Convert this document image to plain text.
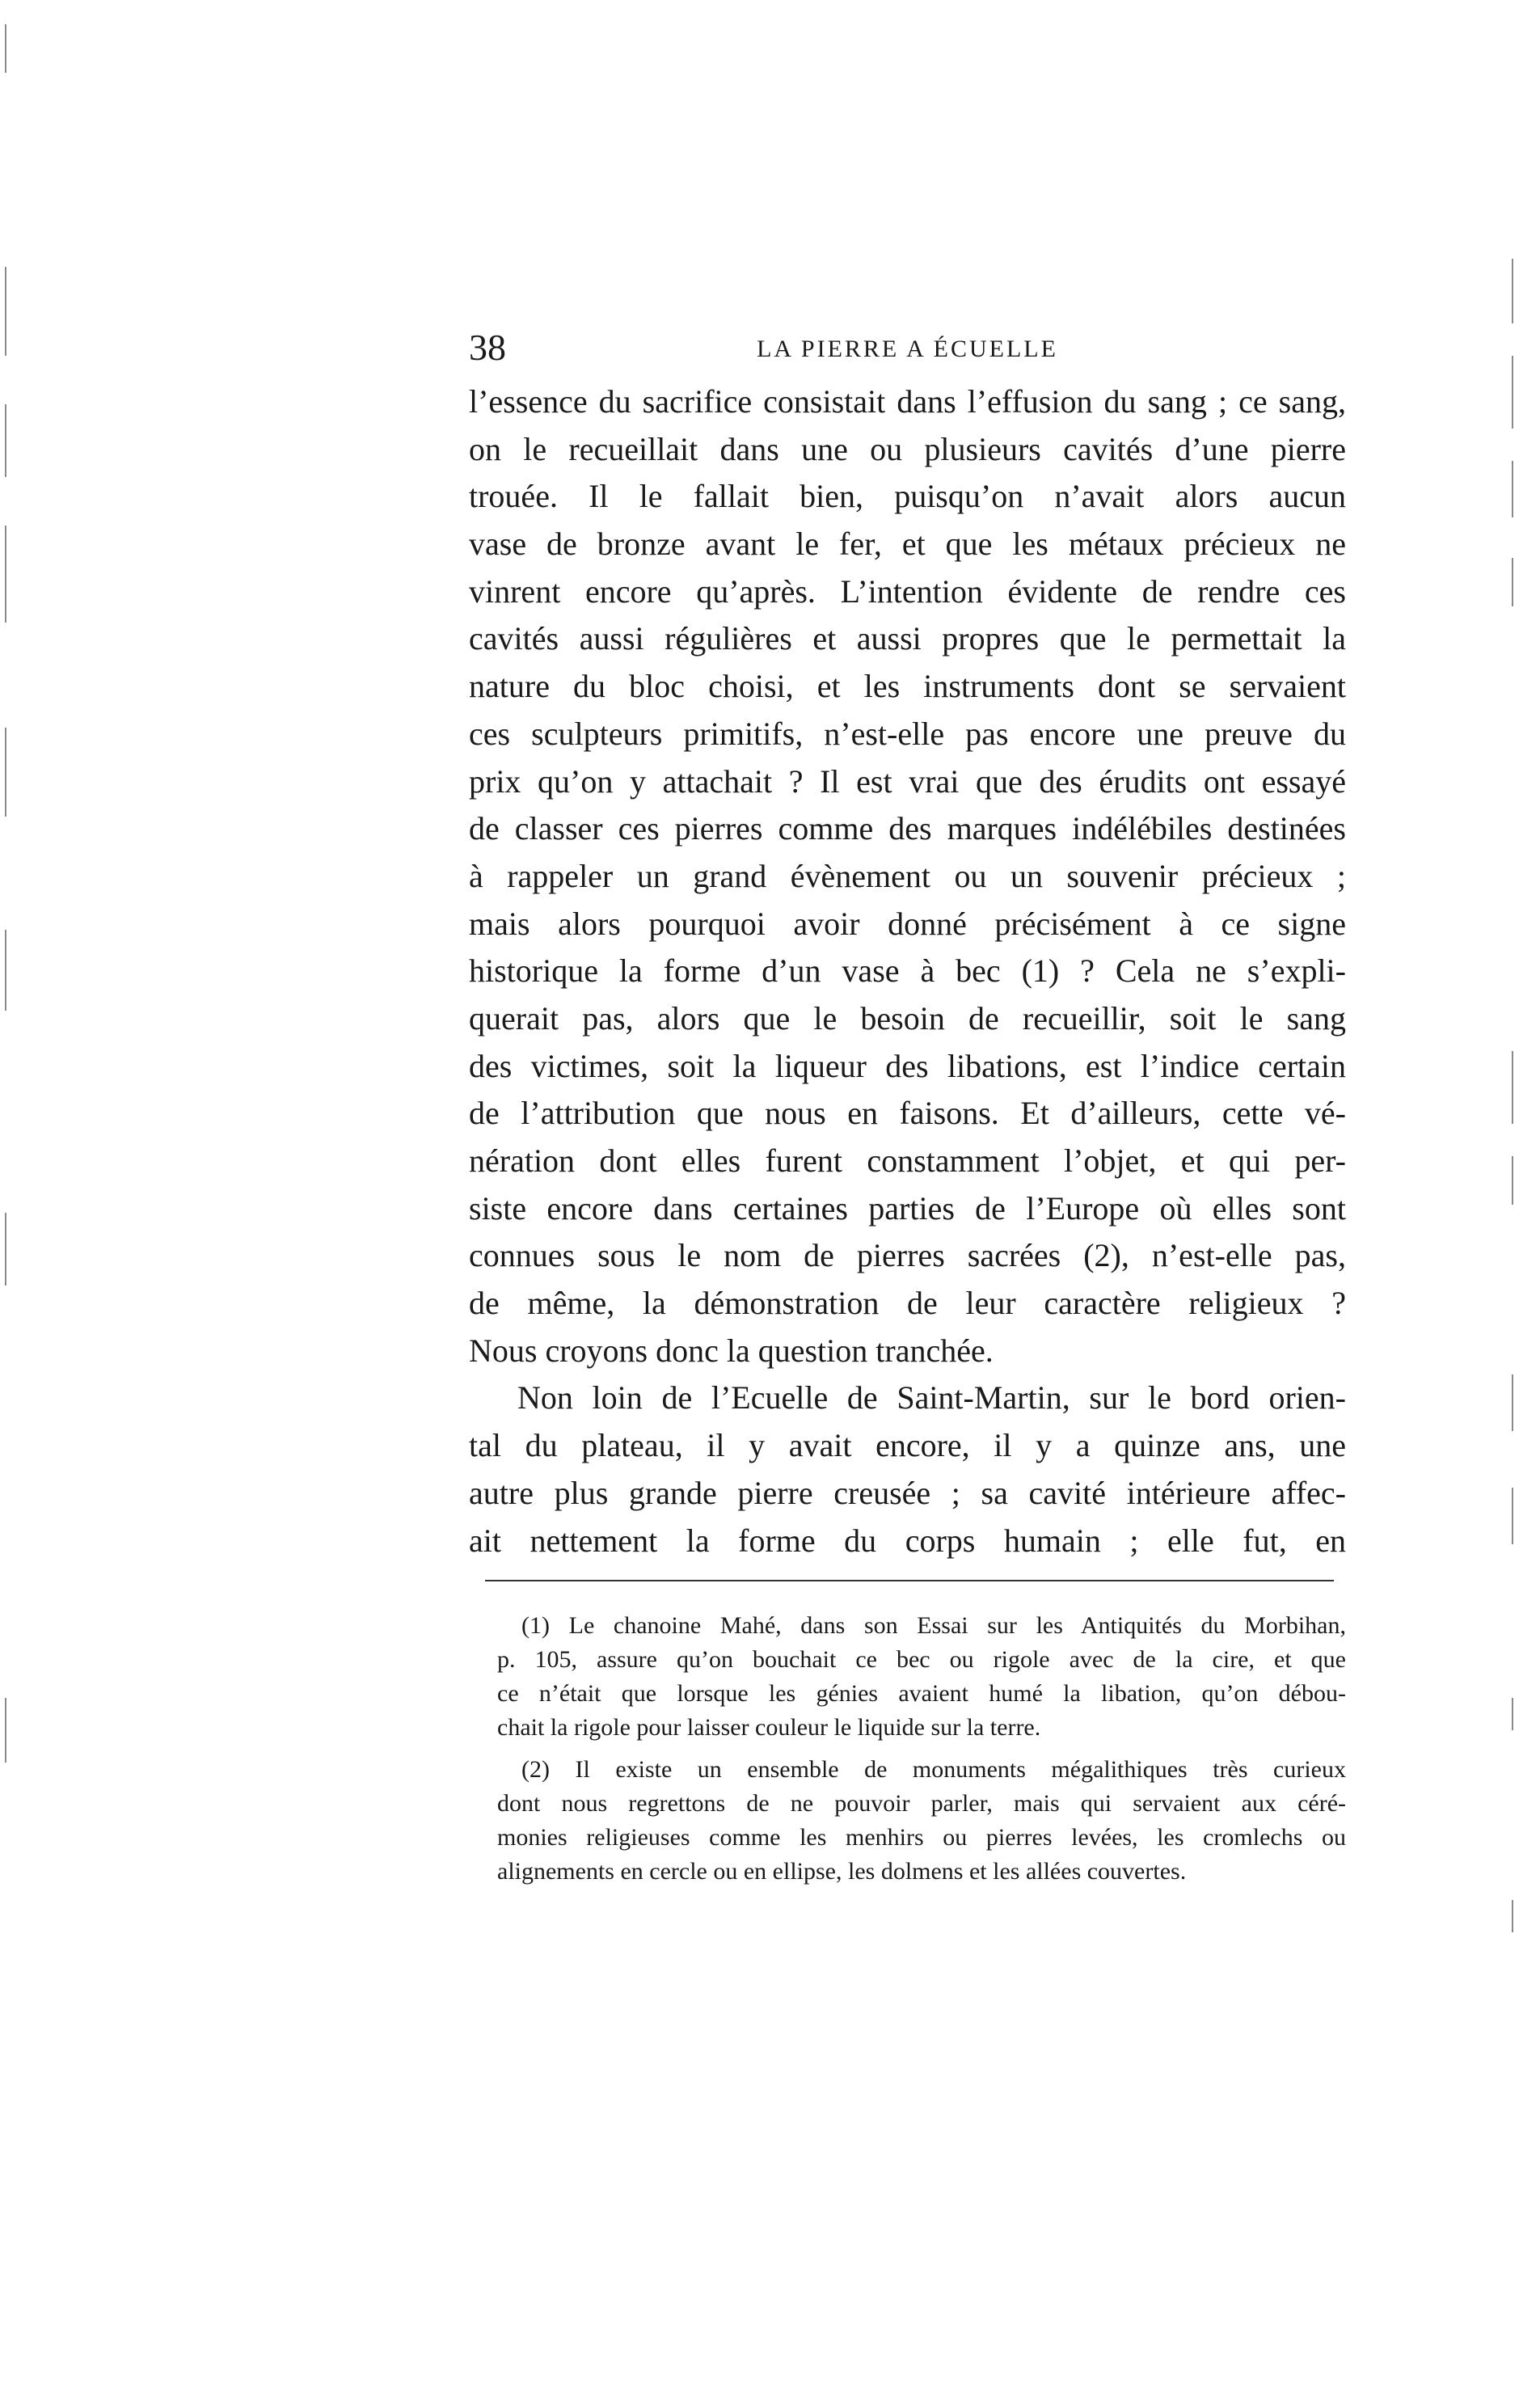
38	LA PIERRE A ÉCUELLE
l’essence du sacrifice consistait dans l’effusion du sang ; ce sang,
on le recueillait dans une ou plusieurs cavités d’une pierre
trouée. Il le fallait bien, puisqu’on n’avait alors aucun
vase de bronze avant le fer, et que les métaux précieux ne
vinrent encore qu’après. L’intention évidente de rendre ces
cavités aussi régulières et aussi propres que le permettait la
nature du bloc choisi, et les instruments dont se servaient
ces sculpteurs primitifs, n’est-elle pas encore une preuve du
prix qu’on y attachait ? Il est vrai que des érudits ont essayé
de classer ces pierres comme des marques indélébiles destinées
à rappeler un grand évènement ou un souvenir précieux ;
mais alors pourquoi avoir donné précisément à ce signe
historique la forme d’un vase à bec (1) ? Cela ne s’expli-
querait pas, alors que le besoin de recueillir, soit le sang
des victimes, soit la liqueur des libations, est l’indice certain
de l’attribution que nous en faisons. Et d’ailleurs, cette vé-
nération dont elles furent constamment l’objet, et qui per-
siste encore dans certaines parties de l’Europe où elles sont
connues sous le nom de pierres sacrées (2), n’est-elle pas,
de même, la démonstration de leur caractère religieux ?
Nous croyons donc la question tranchée.
Non loin de l’Ecuelle de Saint-Martin, sur le bord orien-
tal du plateau, il y avait encore, il y a quinze ans, une
autre plus grande pierre creusée ; sa cavité intérieure affec-
ait nettement la forme du corps humain ; elle fut, en
(1) Le chanoine Mahé, dans son Essai sur les Antiquités du Morbihan,
p. 105, assure qu’on bouchait ce bec ou rigole avec de la cire, et que
ce n’était que lorsque les génies avaient humé la libation, qu’on débou-
chait la rigole pour laisser couleur le liquide sur la terre.
(2) Il existe un ensemble de monuments mégalithiques très curieux
dont nous regrettons de ne pouvoir parler, mais qui servaient aux céré-
monies religieuses comme les menhirs ou pierres levées, les cromlechs ou
alignements en cercle ou en ellipse, les dolmens et les allées couvertes.
